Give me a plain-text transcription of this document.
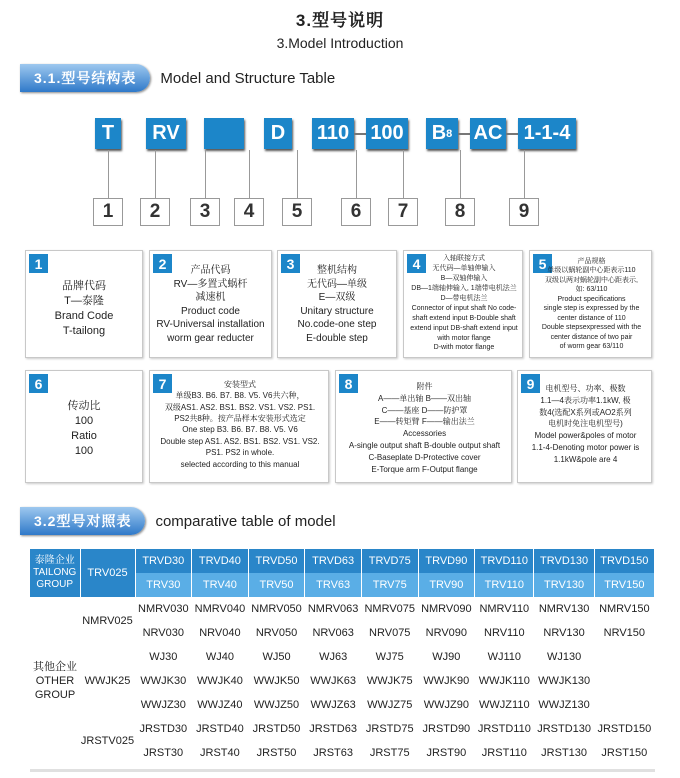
3.型号说明
3.Model Introduction
3.1.型号结构表	Model and Structure Table
T	RV	D	110 100 B 8 AC 1-1-4
1	2	3	4	5	6	7	8	9
1
品牌代码
T—泰隆
Brand Code
T-tailong
2	产品代码
RV—多置式蜗杆
减速机
Product code
RV-Universal installation
worm gear reducter
3	整机结构
无代码—单级
E—双级
Unitary structure
No.code-one step
E-double step
4	入轴联接方式
无代码—单轴伸输入
B—双轴伸输入
DB—1端轴伸输入, 1端带电机法兰
D—带电机法兰
Connector of input shaft No code-
shaft extend input B-Double shaft
extend input DB-shaft extend input
with motor flange
D-with motor flange
5	产品规格
单级以蜗轮副中心距表示110
双级以两对蜗轮副中心距表示,
如: 63/110
Product specifications
single step is expressed by the
center distance of 110
Double stepsexpressed with the
center distance of two pair
of worm gear 63/110
6
传动比
100
Ratio
100
7	安装型式
单级B3. B6. B7. B8. V5. V6共六种，
双级AS1. AS2. BS1. BS2. VS1. VS2. PS1.
PS2共8种。按产品样本安装形式选定
One step B3. B6. B7. B8. V5. V6
Double step AS1. AS2. BS1. BS2. VS1. VS2.
PS1. PS2 in whole.
selected according to this manual
8	附件
A——单出轴 B——双出轴
C——基座 D——防护罩
E——转矩臂 F——输出法兰
Accessories
A-single output shaft B-double output shaft
C-Baseplate D-Protective cover
E-Torque arm F-Output flange
9	电机型号、功率、极数
1.1—4表示功率1.1kW, 极
数4(选配X系列或AO2系列
电机时免注电机型号)
Model power&poles of motor
1.1-4-Denoting motor power is
1.1kW&pole are 4
3.2型号对照表	comparative table of model
泰隆企业
TAILONG
GROUP	TRV025	TRVD30	TRVD40	TRVD50	TRVD63	TRVD75	TRVD90	TRVD110	TRVD130	TRVD150
		TRV30	TRV40	TRV50	TRV63	TRV75	TRV90	TRV110	TRV130	TRV150

其他企业
OTHER
GROUP	NMRV025	NMRV030	NMRV040	NMRV050	NMRV063	NMRV075	NMRV090	NMRV110	NMRV130	NMRV150
		NRV030	NRV040	NRV050	NRV063	NRV075	NRV090	NRV110	NRV130	NRV150
	WWJK25	WJ30	WJ40	WJ50	WJ63	WJ75	WJ90	WJ110	WJ130	
		WWJK30	WWJK40	WWJK50	WWJK63	WWJK75	WWJK90	WWJK110	WWJK130	
		WWJZ30	WWJZ40	WWJZ50	WWJZ63	WWJZ75	WWJZ90	WWJZ110	WWJZ130	
	JRSTV025	JRSTD30	JRSTD40	JRSTD50	JRSTD63	JRSTD75	JRSTD90	JRSTD110	JRSTD130	JRSTD150
		JRST30	JRST40	JRST50	JRST63	JRST75	JRST90	JRST110	JRST130	JRST150
